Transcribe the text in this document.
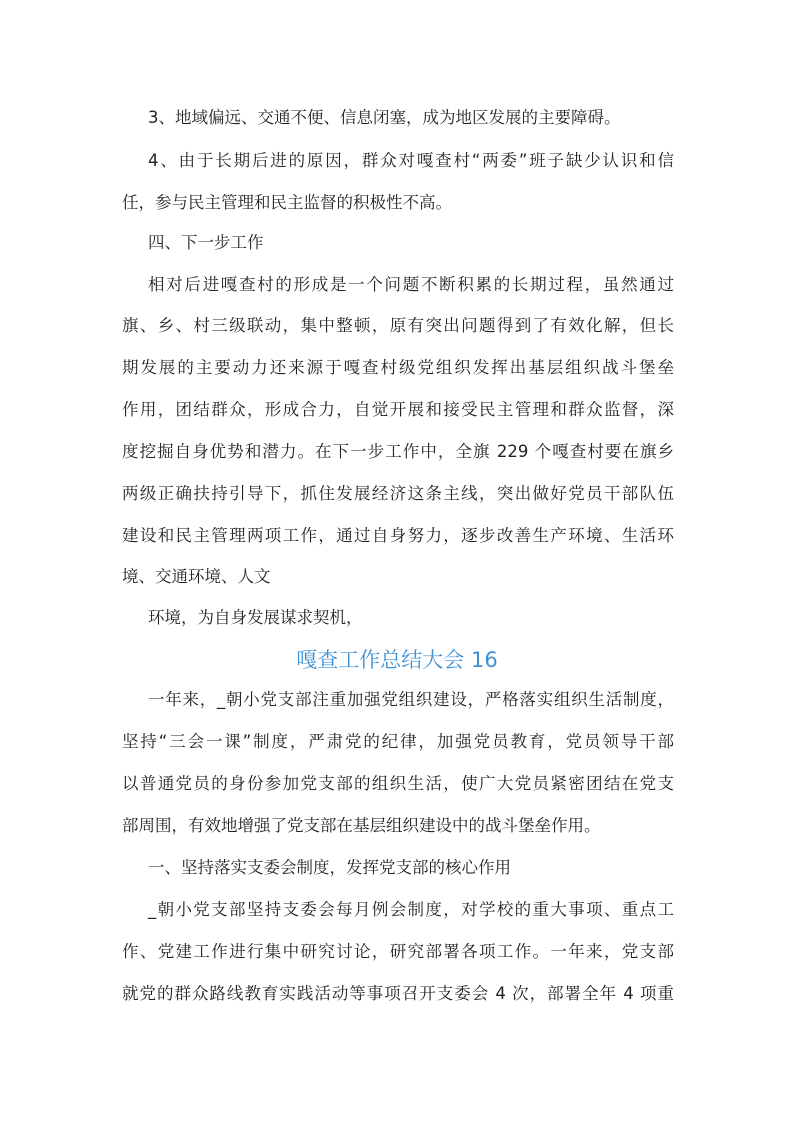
3、地域偏远、交通不便、信息闭塞，成为地区发展的主要障碍。
4、由于长期后进的原因，群众对嘎查村“两委”班子缺少认识和信
任，参与民主管理和民主监督的积极性不高。
四、下一步工作
相对后进嘎查村的形成是一个问题不断积累的长期过程，虽然通过
旗、乡、村三级联动，集中整顿，原有突出问题得到了有效化解，但长
期发展的主要动力还来源于嘎查村级党组织发挥出基层组织战斗堡垒
作用，团结群众，形成合力，自觉开展和接受民主管理和群众监督，深
度挖掘自身优势和潜力。在下一步工作中，全旗 229 个嘎查村要在旗乡
两级正确扶持引导下，抓住发展经济这条主线，突出做好党员干部队伍
建设和民主管理两项工作，通过自身努力，逐步改善生产环境、生活环
境、交通环境、人文
环境，为自身发展谋求契机，
嘎查工作总结大会 16
一年来，_朝小党支部注重加强党组织建设，严格落实组织生活制度，
坚持“三会一课”制度，严肃党的纪律，加强党员教育，党员领导干部
以普通党员的身份参加党支部的组织生活，使广大党员紧密团结在党支
部周围，有效地增强了党支部在基层组织建设中的战斗堡垒作用。
一、坚持落实支委会制度，发挥党支部的核心作用
_朝小党支部坚持支委会每月例会制度，对学校的重大事项、重点工
作、党建工作进行集中研究讨论，研究部署各项工作。一年来，党支部
就党的群众路线教育实践活动等事项召开支委会 4 次，部署全年 4 项重
